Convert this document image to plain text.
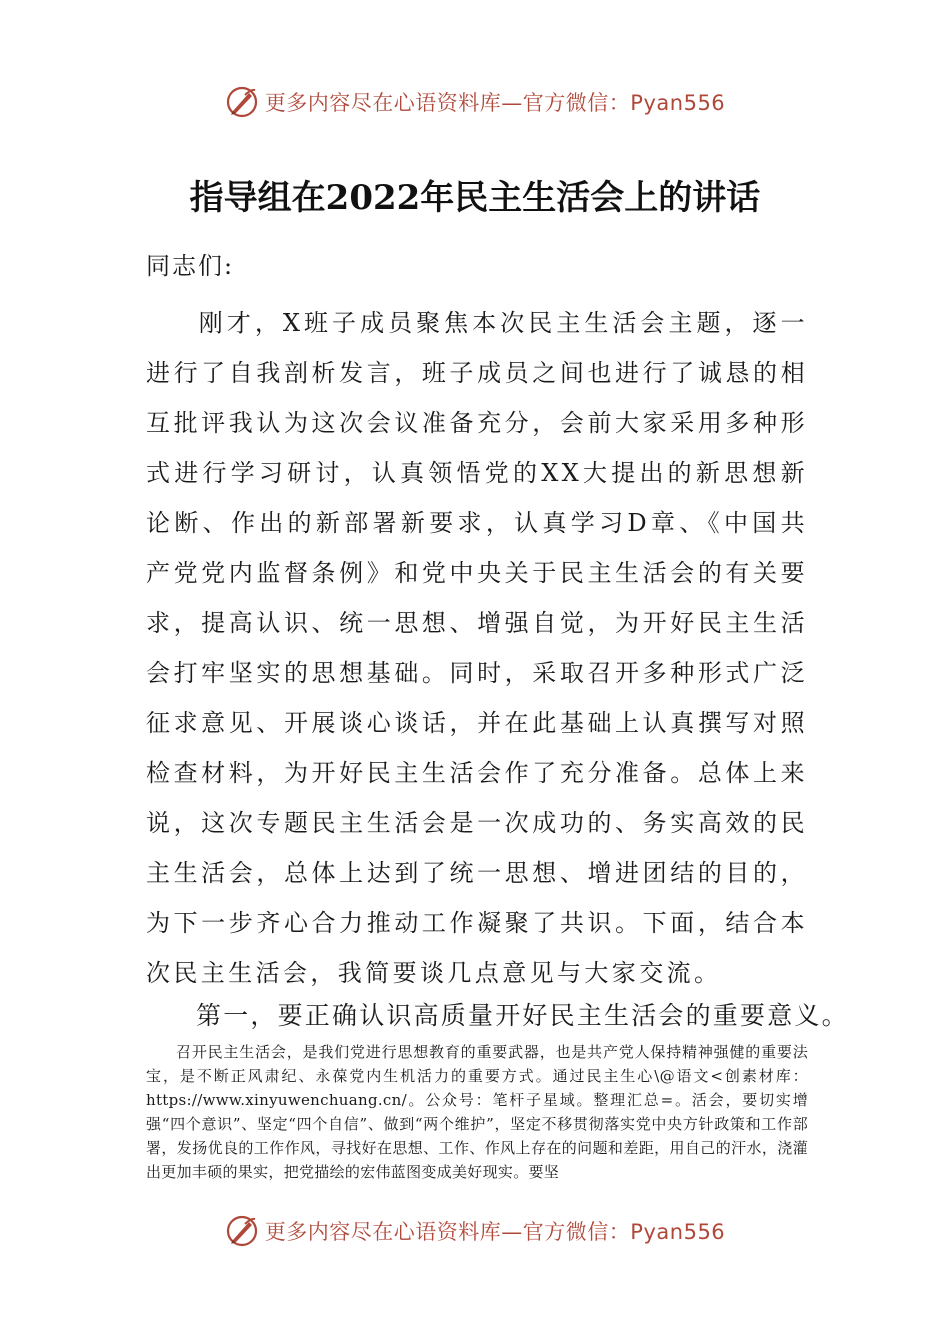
更多内容尽在心语资料库—官方微信：Pyan556
指导组在2022年民主生活会上的讲话

同志们:

刚才，X班子成员聚焦本次民主生活会主题，逐一进行了自我剖析发言，班子成员之间也进行了诚恳的相互批评我认为这次会议准备充分，会前大家采用多种形式进行学习研讨，认真领悟党的XX大提出的新思想新论断、作出的新部署新要求，认真学习D章、《中国共产党党内监督条例》和党中央关于民主生活会的有关要求，提高认识、统一思想、增强自觉，为开好民主生活会打牢坚实的思想基础。同时，采取召开多种形式广泛征求意见、开展谈心谈话，并在此基础上认真撰写对照检查材料，为开好民主生活会作了充分准备。总体上来说，这次专题民主生活会是一次成功的、务实高效的民主生活会，总体上达到了统一思想、增进团结的目的，为下一步齐心合力推动工作凝聚了共识。下面，结合本次民主生活会，我简要谈几点意见与大家交流。

第一，要正确认识高质量开好民主生活会的重要意义。

召开民主生活会，是我们党进行思想教育的重要武器，也是共产党人保持精神强健的重要法宝，是不断正风肃纪、永葆党内生机活力的重要方式。通过民主生心\@语文<创素材库：https://www.xinyuwenchuang.cn/。公众号：笔杆子星域。整理汇总=。活会，要切实增强“四个意识”、坚定“四个自信”、做到“两个维护”，坚定不移贯彻落实党中央方针政策和工作部署，发扬优良的工作作风，寻找好在思想、工作、作风上存在的问题和差距，用自己的汗水，浇灌出更加丰硕的果实，把党描绘的宏伟蓝图变成美好现实。要坚

更多内容尽在心语资料库—官方微信：Pyan556
